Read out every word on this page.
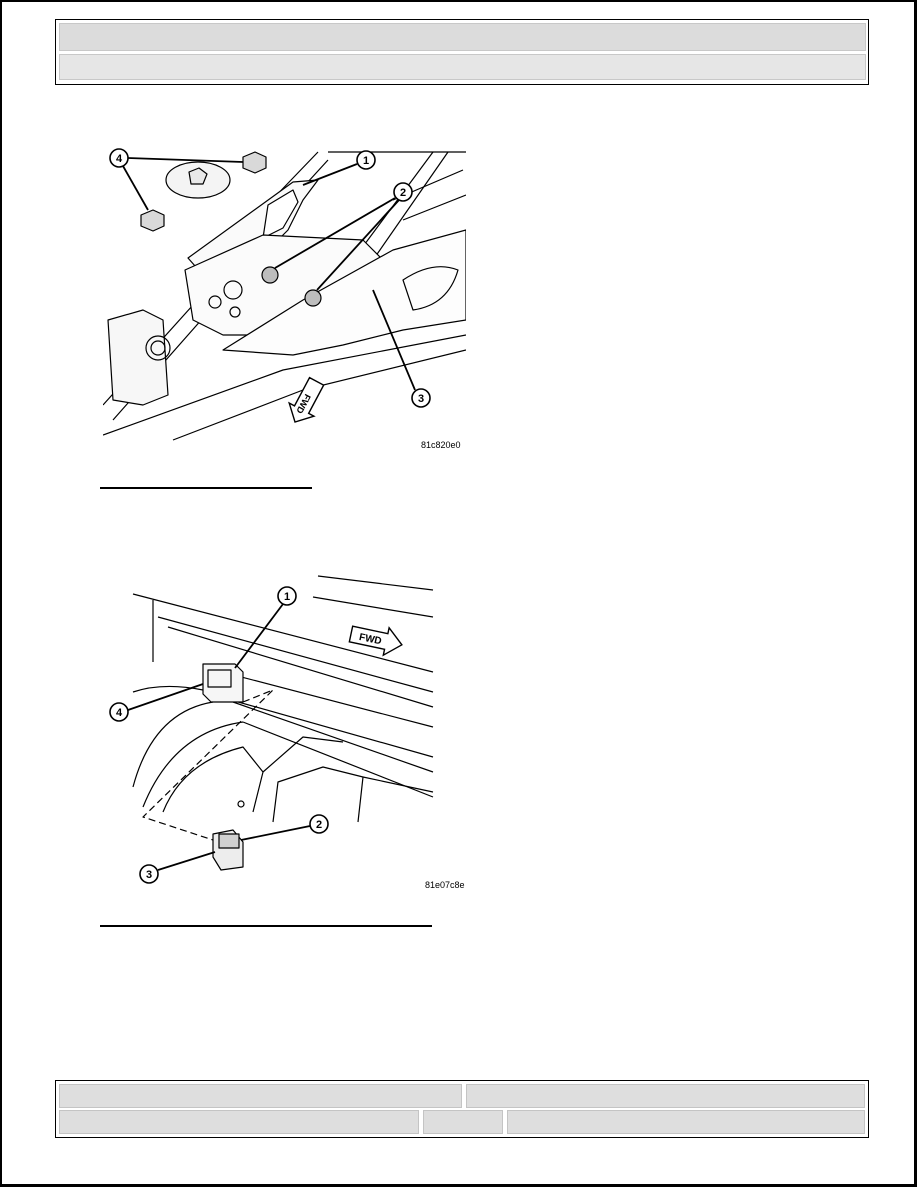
4	1
2
3
FWD
81c820e0
1
4
2
3
FWD
81e07c8e
